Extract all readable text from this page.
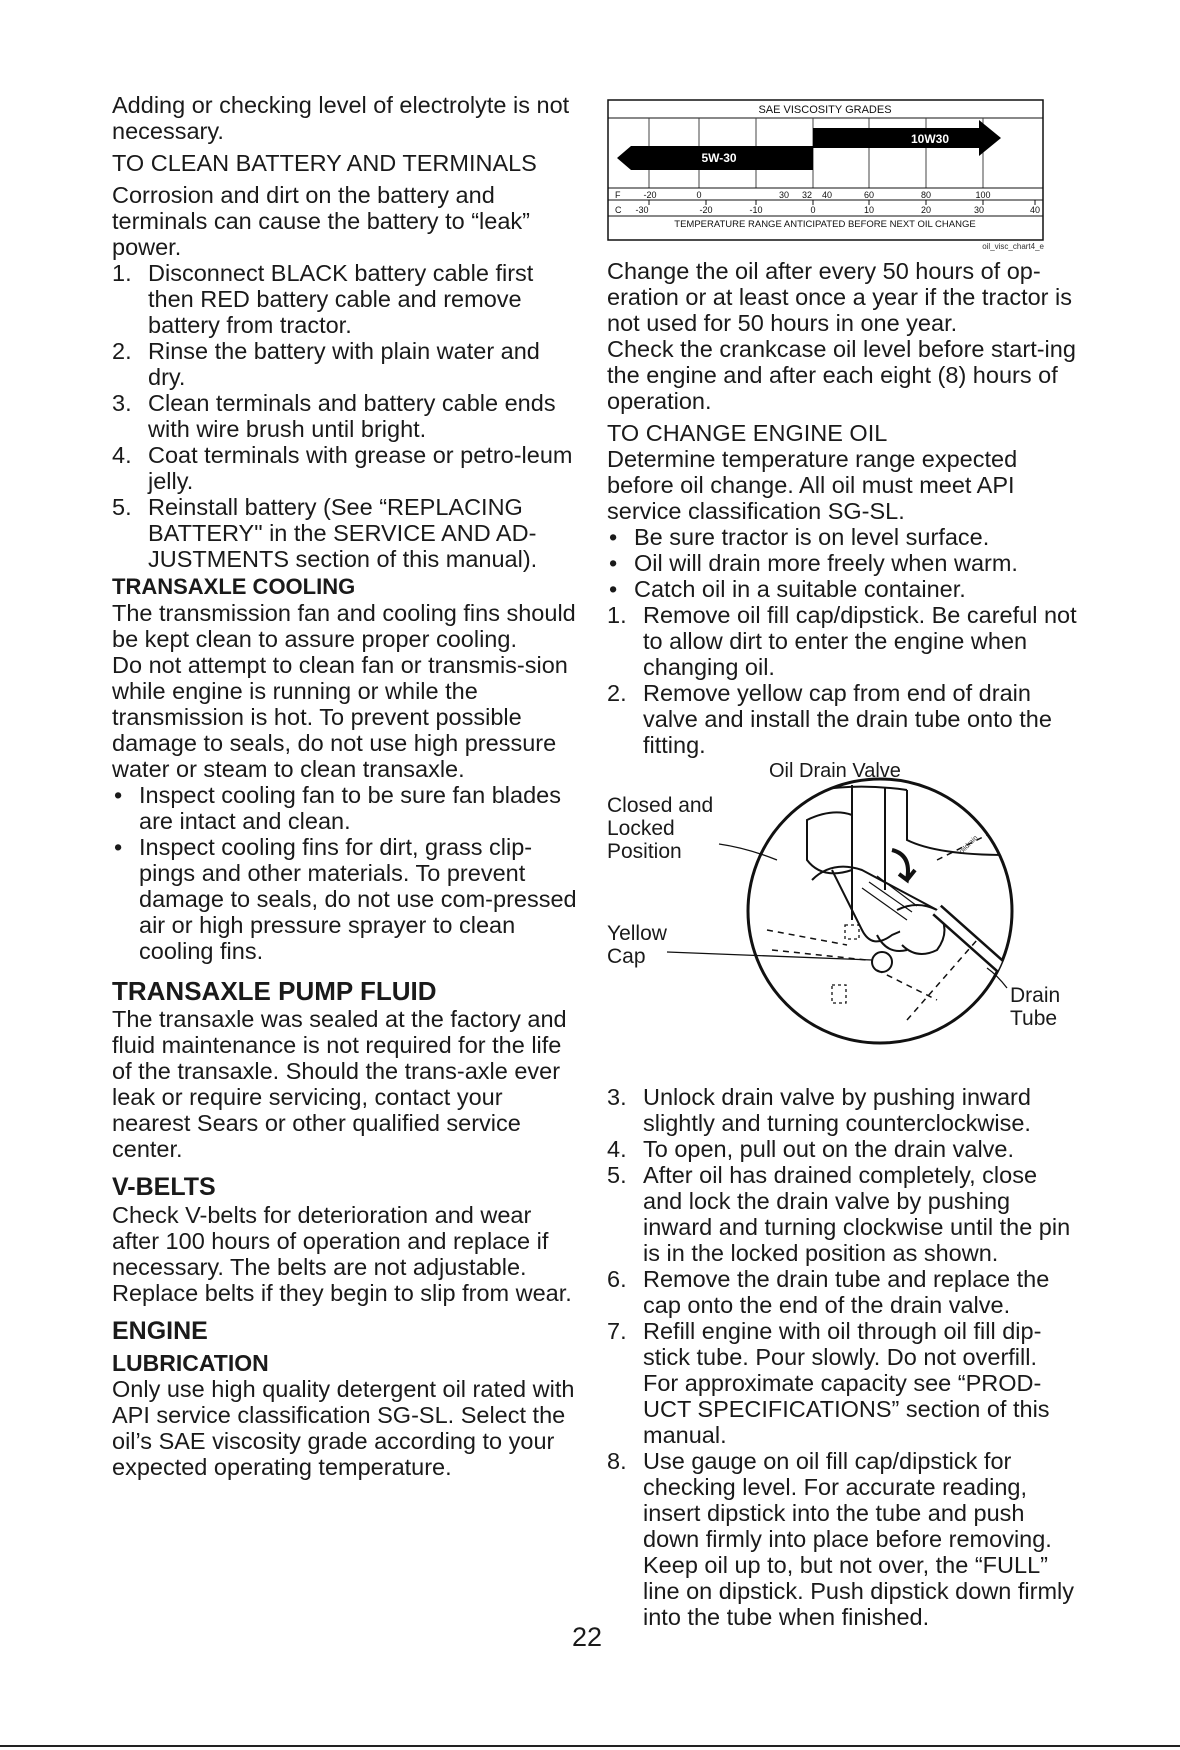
Adding or checking level of electrolyte is not necessary.

TO CLEAN BATTERY AND TERMINALS

Corrosion and dirt on the battery and terminals can cause the battery to “leak” power.

1. Disconnect BLACK battery cable first then RED battery cable and remove battery from tractor.
2. Rinse the battery with plain water and dry.
3. Clean terminals and battery cable ends with wire brush until bright.
4. Coat terminals with grease or petro-leum jelly.
5. Reinstall battery (See “REPLACING BATTERY" in the SERVICE AND AD-JUSTMENTS section of this manual).

TRANSAXLE COOLING

The transmission fan and cooling fins should be kept clean to assure proper cooling.

Do not attempt to clean fan or transmis-sion while engine is running or while the transmission is hot. To prevent possible damage to seals, do not use high pressure water or steam to clean transaxle.

• Inspect cooling fan to be sure fan blades are intact and clean.
• Inspect cooling fins for dirt, grass clip-pings and other materials. To prevent damage to seals, do not use com-pressed air or high pressure sprayer to clean cooling fins.

TRANSAXLE PUMP FLUID

The transaxle was sealed at the factory and fluid maintenance is not required for the life of the transaxle. Should the trans-axle ever leak or require servicing, contact your nearest Sears or other qualified service center.

V-BELTS

Check V-belts for deterioration and wear after 100 hours of operation and replace if necessary. The belts are not adjustable. Replace belts if they begin to slip from wear.

ENGINE

LUBRICATION

Only use high quality detergent oil rated with API service classification SG-SL. Select the oil’s SAE viscosity grade according to your expected operating temperature.

SAE VISCOSITY GRADES
5W-30
10W30
F	-20	0	30 32 40	60	80	100
C -30	-20	-10	0	10	20	30	40
TEMPERATURE RANGE ANTICIPATED BEFORE NEXT OIL CHANGE
oil_visc_chart4_e

Change the oil after every 50 hours of op-eration or at least once a year if the tractor is not used for 50 hours in one year.

Check the crankcase oil level before start-ing the engine and after each eight (8) hours of operation.

TO CHANGE ENGINE OIL

Determine temperature range expected before oil change. All oil must meet API service classification SG-SL.

• Be sure tractor is on level surface.
• Oil will drain more freely when warm.
• Catch oil in a suitable container.
1. Remove oil fill cap/dipstick. Be careful not to allow dirt to enter the engine when changing oil.
2. Remove yellow cap from end of drain valve and install the drain tube onto the fitting.
Oil Drain Valve
Closed and
Locked
Position
Yellow
Cap
Drain
Tube
oildrain
3. Unlock drain valve by pushing inward slightly and turning counterclockwise.
4. To open, pull out on the drain valve.
5. After oil has drained completely, close and lock the drain valve by pushing inward and turning clockwise until the pin is in the locked position as shown.
6. Remove the drain tube and replace the cap onto the end of the drain valve.
7. Refill engine with oil through oil fill dip-stick tube. Pour slowly. Do not overfill. For approximate capacity see “PROD-UCT SPECIFICATIONS” section of this manual.
8. Use gauge on oil fill cap/dipstick for checking level. For accurate reading, insert dipstick into the tube and push down firmly into place before removing. Keep oil up to, but not over, the “FULL” line on dipstick. Push dipstick down firmly into the tube when finished.
22
